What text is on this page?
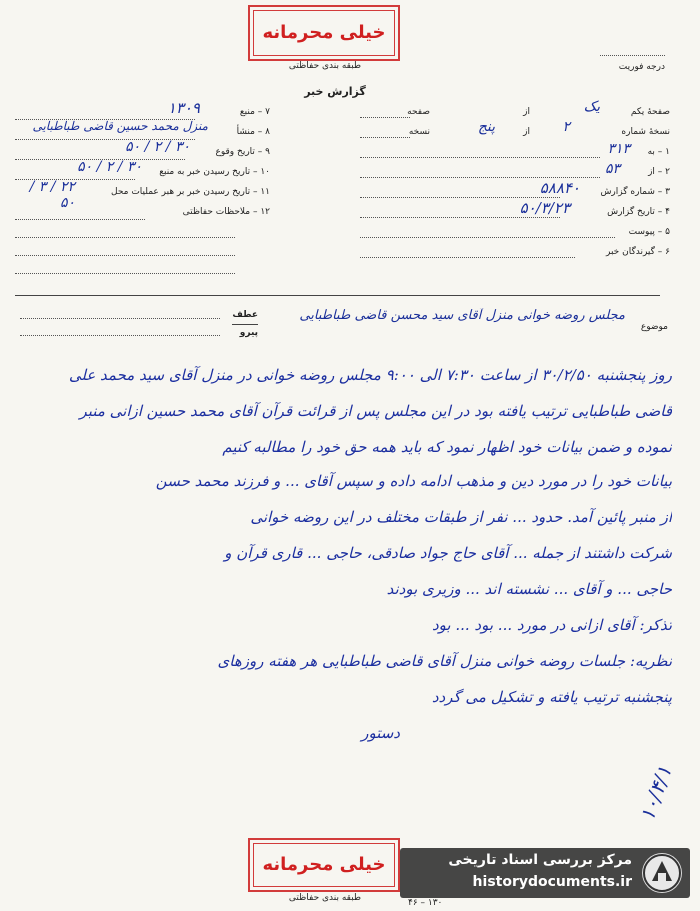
خیلی محرمانه
طبقه بندی حفاظتی	درجه فوریت
گزارش خبر
۷ – منبع
۱۳۰۹
۸ – منشأ
منزل محمد حسین قاضی طباطبایی
۹ – تاریخ وقوع
۳۰ / ۲ / ۵۰
۱۰ – تاریخ رسیدن خبر به منبع
۳۰ / ۲ / ۵۰
۱۱ – تاریخ رسیدن خبر بر هبر عملیات محل
۲۲ / ۳ / ۵۰
۱۲ – ملاحظات حفاظتی
صفحهٔ یکم
یک
از
صفحه
نسخهٔ شماره
۲
از
پنج
نسخه
۱ – به
۳۱۳
۲ – از
۵۳
۳ – شماره گزارش
۵۸۸۴۰
۴ – تاریخ گزارش
۵۰/۳/۲۳
۵ – پیوست
۶ – گیرندگان خبر
عطف
پیرو
موضوع
مجلس روضه خوانی منزل آقای سید محسن قاضی طباطبایی
روز پنجشنبه ۳۰/۲/۵۰ از ساعت ۷:۳۰ الی ۹:۰۰ مجلس روضه خوانی در منزل آقای سید محمد علی
قاضی طباطبایی ترتیب یافته بود در این مجلس پس از قرائت قرآن آقای محمد حسین ازانی منبر
نموده و ضمن بیانات خود اظهار نمود که باید همه حق خود را مطالبه کنیم
بیانات خود را در مورد دین و مذهب ادامه داده و سپس آقای ... و فرزند محمد حسن
از منبر پائین آمد. حدود ... نفر از طبقات مختلف در این روضه خوانی
شرکت داشتند از جمله ... آقای حاج جواد صادقی، حاجی ... قاری قرآن و
حاجی ... و آقای ... نشسته اند ... وزیری بودند
تذکر: آقای ازانی در مورد ... بود ... بود
نظریه: جلسات روضه خوانی منزل آقای قاضی طباطبایی هر هفته روزهای
پنجشنبه ترتیب یافته و تشکیل می گردد
دستور
۱۰/۴/۱
خیلی محرمانه
طبقه بندی حفاظتی
مرکز بررسی اسناد تاریخی
historydocuments.ir
۴۶ – ۱۳۰
